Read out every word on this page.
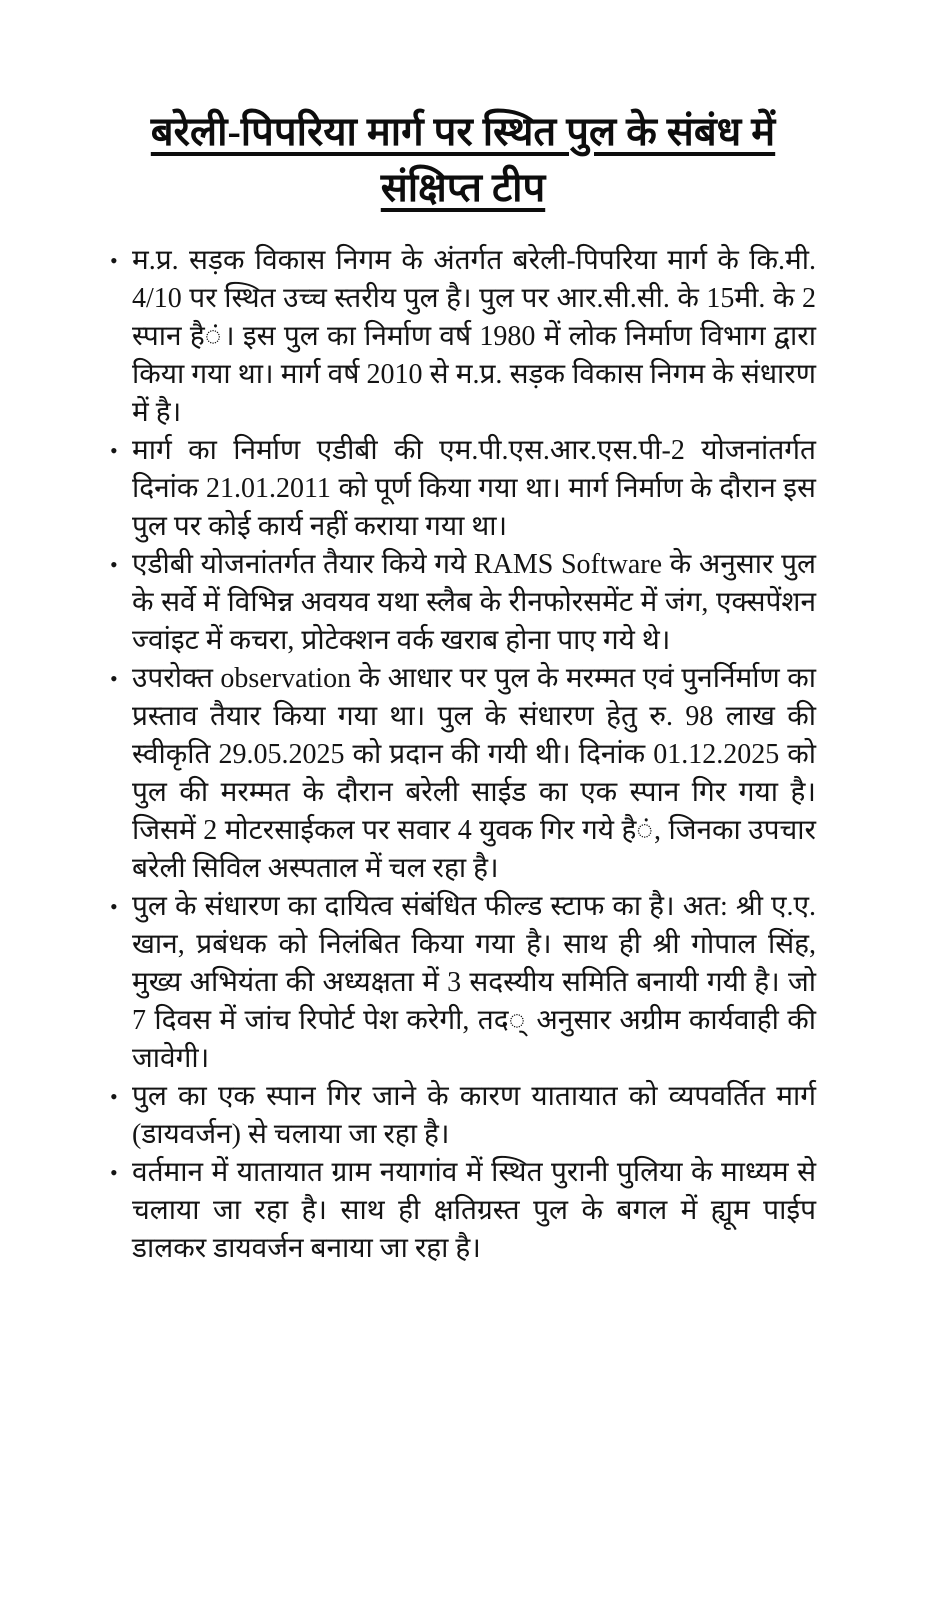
बरेली-पिपरिया मार्ग पर स्थित पुल के संबंध में
संक्षिप्त टीप
• म.प्र. सड़क विकास निगम के अंतर्गत बरेली-पिपरिया मार्ग के कि.मी. 4/10 पर स्थित उच्च स्तरीय पुल है। पुल पर आर.सी.सी. के 15मी. के 2 स्पान है◌ं। इस पुल का निर्माण वर्ष 1980 में लोक निर्माण विभाग द्वारा किया गया था। मार्ग वर्ष 2010 से म.प्र. सड़क विकास निगम के संधारण में है।
• मार्ग का निर्माण एडीबी की एम.पी.एस.आर.एस.पी-2 योजनांतर्गत दिनांक 21.01.2011 को पूर्ण किया गया था। मार्ग निर्माण के दौरान इस पुल पर कोई कार्य नहीं कराया गया था।
• एडीबी योजनांतर्गत तैयार किये गये RAMS Software के अनुसार पुल के सर्वे में विभिन्न अवयव यथा स्लैब के रीनफोरसमेंट में जंग, एक्सपेंशन ज्वांइट में कचरा, प्रोटेक्शन वर्क खराब होना पाए गये थे।
• उपरोक्त observation के आधार पर पुल के मरम्मत एवं पुनर्निर्माण का प्रस्ताव तैयार किया गया था। पुल के संधारण हेतु रु. 98 लाख की स्वीकृति 29.05.2025 को प्रदान की गयी थी। दिनांक 01.12.2025 को पुल की मरम्मत के दौरान बरेली साईड का एक स्पान गिर गया है। जिसमें 2 मोटरसाईकल पर सवार 4 युवक गिर गये है◌ं, जिनका उपचार बरेली सिविल अस्पताल में चल रहा है।
• पुल के संधारण का दायित्व संबंधित फील्ड स्टाफ का है। अत: श्री ए.ए. खान, प्रबंधक को निलंबित किया गया है। साथ ही श्री गोपाल सिंह, मुख्य अभियंता की अध्यक्षता में 3 सदस्यीय समिति बनायी गयी है। जो 7 दिवस में जांच रिपोर्ट पेश करेगी, तद◌् अनुसार अग्रीम कार्यवाही की जावेगी।
• पुल का एक स्पान गिर जाने के कारण यातायात को व्यपवर्तित मार्ग (डायवर्जन) से चलाया जा रहा है।
• वर्तमान में यातायात ग्राम नयागांव में स्थित पुरानी पुलिया के माध्यम से चलाया जा रहा है। साथ ही क्षतिग्रस्त पुल के बगल में ह्यूम पाईप डालकर डायवर्जन बनाया जा रहा है।
